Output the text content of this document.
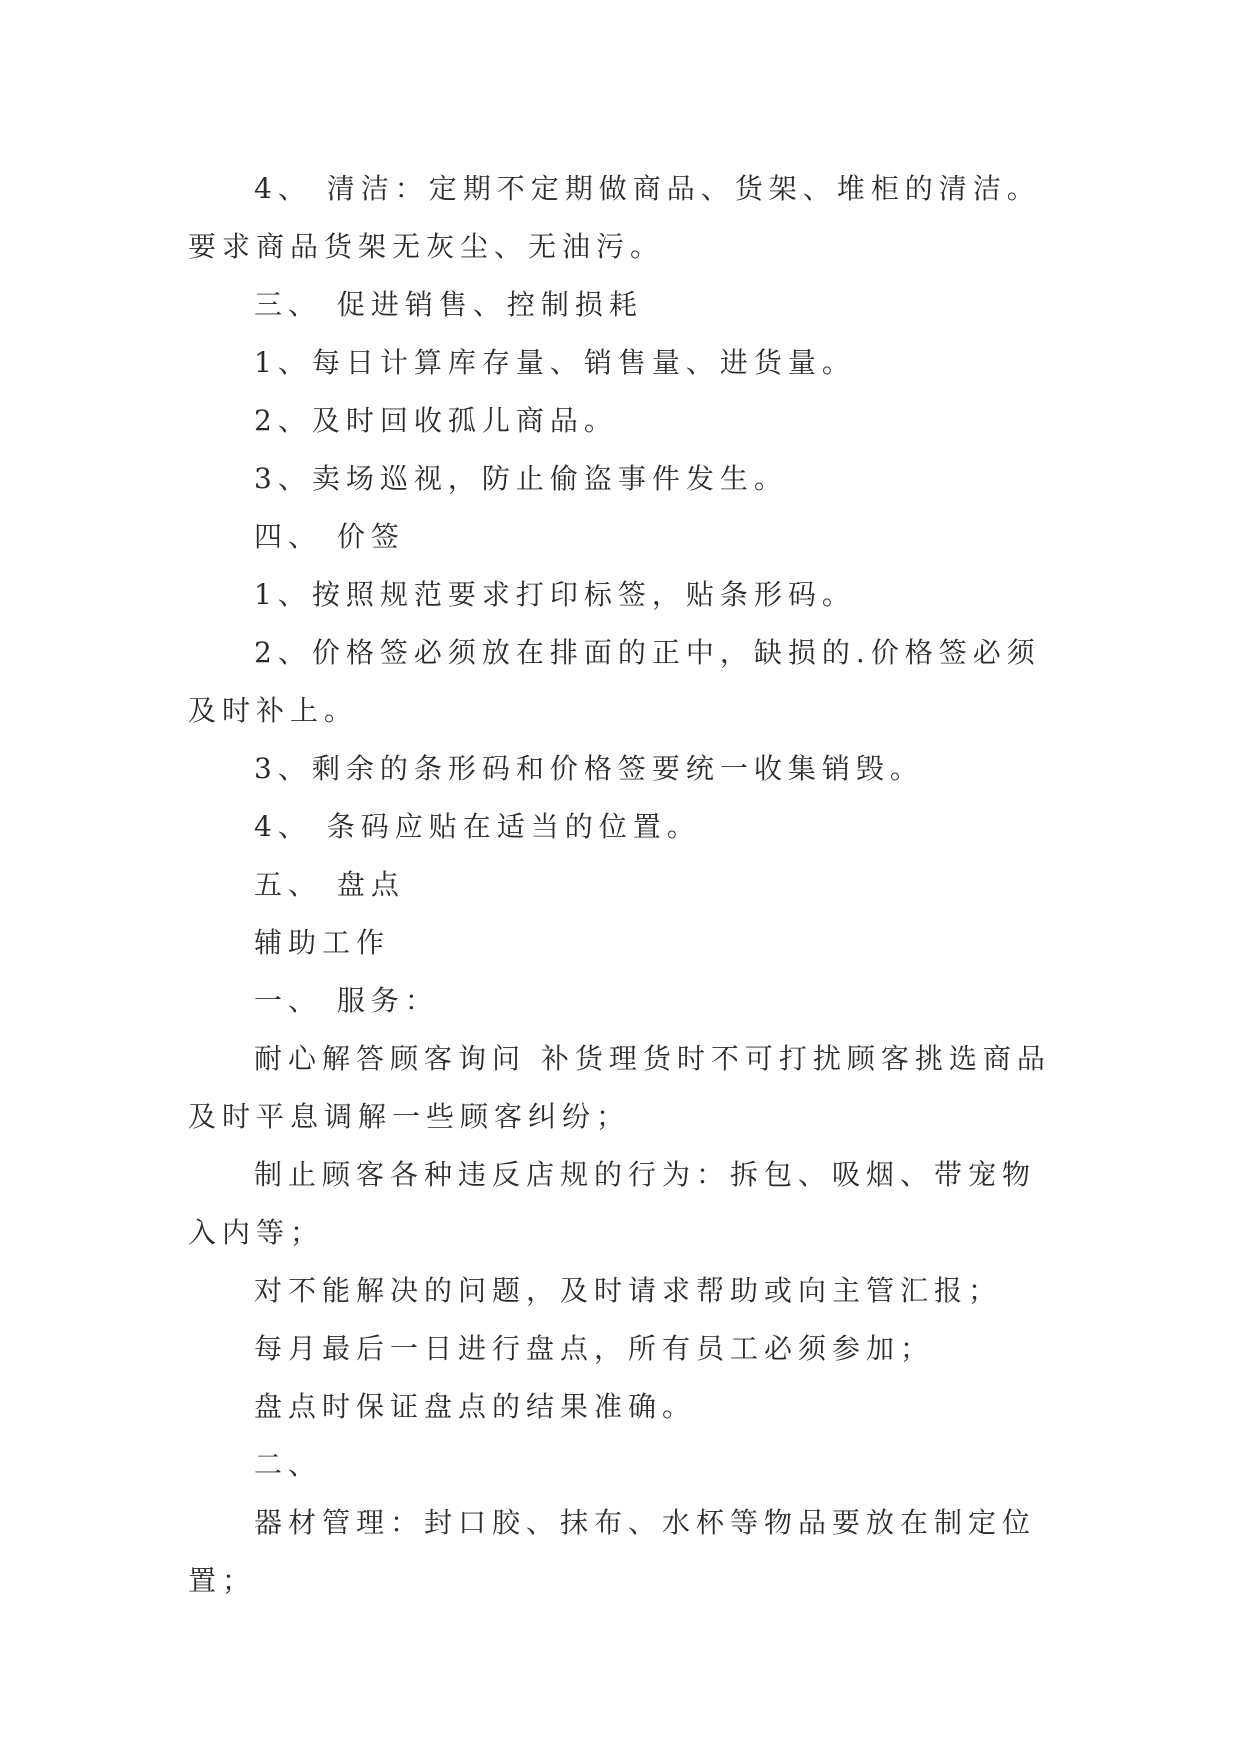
4、 清洁：定期不定期做商品、货架、堆柜的清洁。要求商品货架无灰尘、无油污。

三、 促进销售、控制损耗

1、每日计算库存量、销售量、进货量。

2、及时回收孤儿商品。

3、卖场巡视，防止偷盗事件发生。

四、 价签

1、按照规范要求打印标签，贴条形码。

2、价格签必须放在排面的正中，缺损的.价格签必须及时补上。

3、剩余的条形码和价格签要统一收集销毁。

4、 条码应贴在适当的位置。

五、 盘点

辅助工作

一、 服务：

耐心解答顾客询问 补货理货时不可打扰顾客挑选商品及时平息调解一些顾客纠纷；

制止顾客各种违反店规的行为：拆包、吸烟、带宠物入内等；

对不能解决的问题，及时请求帮助或向主管汇报；

每月最后一日进行盘点，所有员工必须参加；

盘点时保证盘点的结果准确。

二、

器材管理：封口胶、抹布、水杯等物品要放在制定位置；
